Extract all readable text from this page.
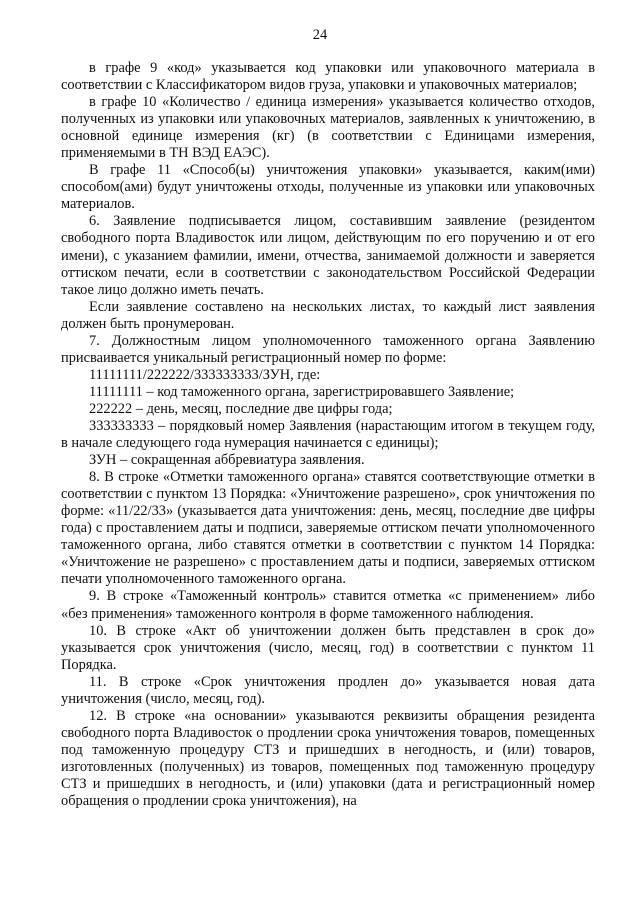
24

в графе 9 «код» указывается код упаковки или упаковочного материала в соответствии с Классификатором видов груза, упаковки и упаковочных материалов;

в графе 10 «Количество / единица измерения» указывается количество отходов, полученных из упаковки или упаковочных материалов, заявленных к уничтожению, в основной единице измерения (кг) (в соответствии с Единицами измерения, применяемыми в ТН ВЭД ЕАЭС).

В графе 11 «Способ(ы) уничтожения упаковки» указывается, каким(ими) способом(ами) будут уничтожены отходы, полученные из упаковки или упаковочных материалов.

6. Заявление подписывается лицом, составившим заявление (резидентом свободного порта Владивосток или лицом, действующим по его поручению и от его имени), с указанием фамилии, имени, отчества, занимаемой должности и заверяется оттиском печати, если в соответствии с законодательством Российской Федерации такое лицо должно иметь печать.

Если заявление составлено на нескольких листах, то каждый лист заявления должен быть пронумерован.

7. Должностным лицом уполномоченного таможенного органа Заявлению присваивается уникальный регистрационный номер по форме:

11111111/222222/333333333/ЗУН, где:

11111111 – код таможенного органа, зарегистрировавшего Заявление;

222222 – день, месяц, последние две цифры года;

333333333 – порядковый номер Заявления (нарастающим итогом в текущем году, в начале следующего года нумерация начинается с единицы);

ЗУН – сокращенная аббревиатура заявления.

8. В строке «Отметки таможенного органа» ставятся соответствующие отметки в соответствии с пунктом 13 Порядка: «Уничтожение разрешено», срок уничтожения по форме: «11/22/33» (указывается дата уничтожения: день, месяц, последние две цифры года) с проставлением даты и подписи, заверяемые оттиском печати уполномоченного таможенного органа, либо ставятся отметки в соответствии с пунктом 14 Порядка: «Уничтожение не разрешено» с проставлением даты и подписи, заверяемых оттиском печати уполномоченного таможенного органа.

9. В строке «Таможенный контроль» ставится отметка «с применением» либо «без применения» таможенного контроля в форме таможенного наблюдения.

10. В строке «Акт об уничтожении должен быть представлен в срок до» указывается срок уничтожения (число, месяц, год) в соответствии с пунктом 11 Порядка.

11. В строке «Срок уничтожения продлен до» указывается новая дата уничтожения (число, месяц, год).

12. В строке «на основании» указываются реквизиты обращения резидента свободного порта Владивосток о продлении срока уничтожения товаров, помещенных под таможенную процедуру СТЗ и пришедших в негодность, и (или) товаров, изготовленных (полученных) из товаров, помещенных под таможенную процедуру СТЗ и пришедших в негодность, и (или) упаковки (дата и регистрационный номер обращения о продлении срока уничтожения), на
